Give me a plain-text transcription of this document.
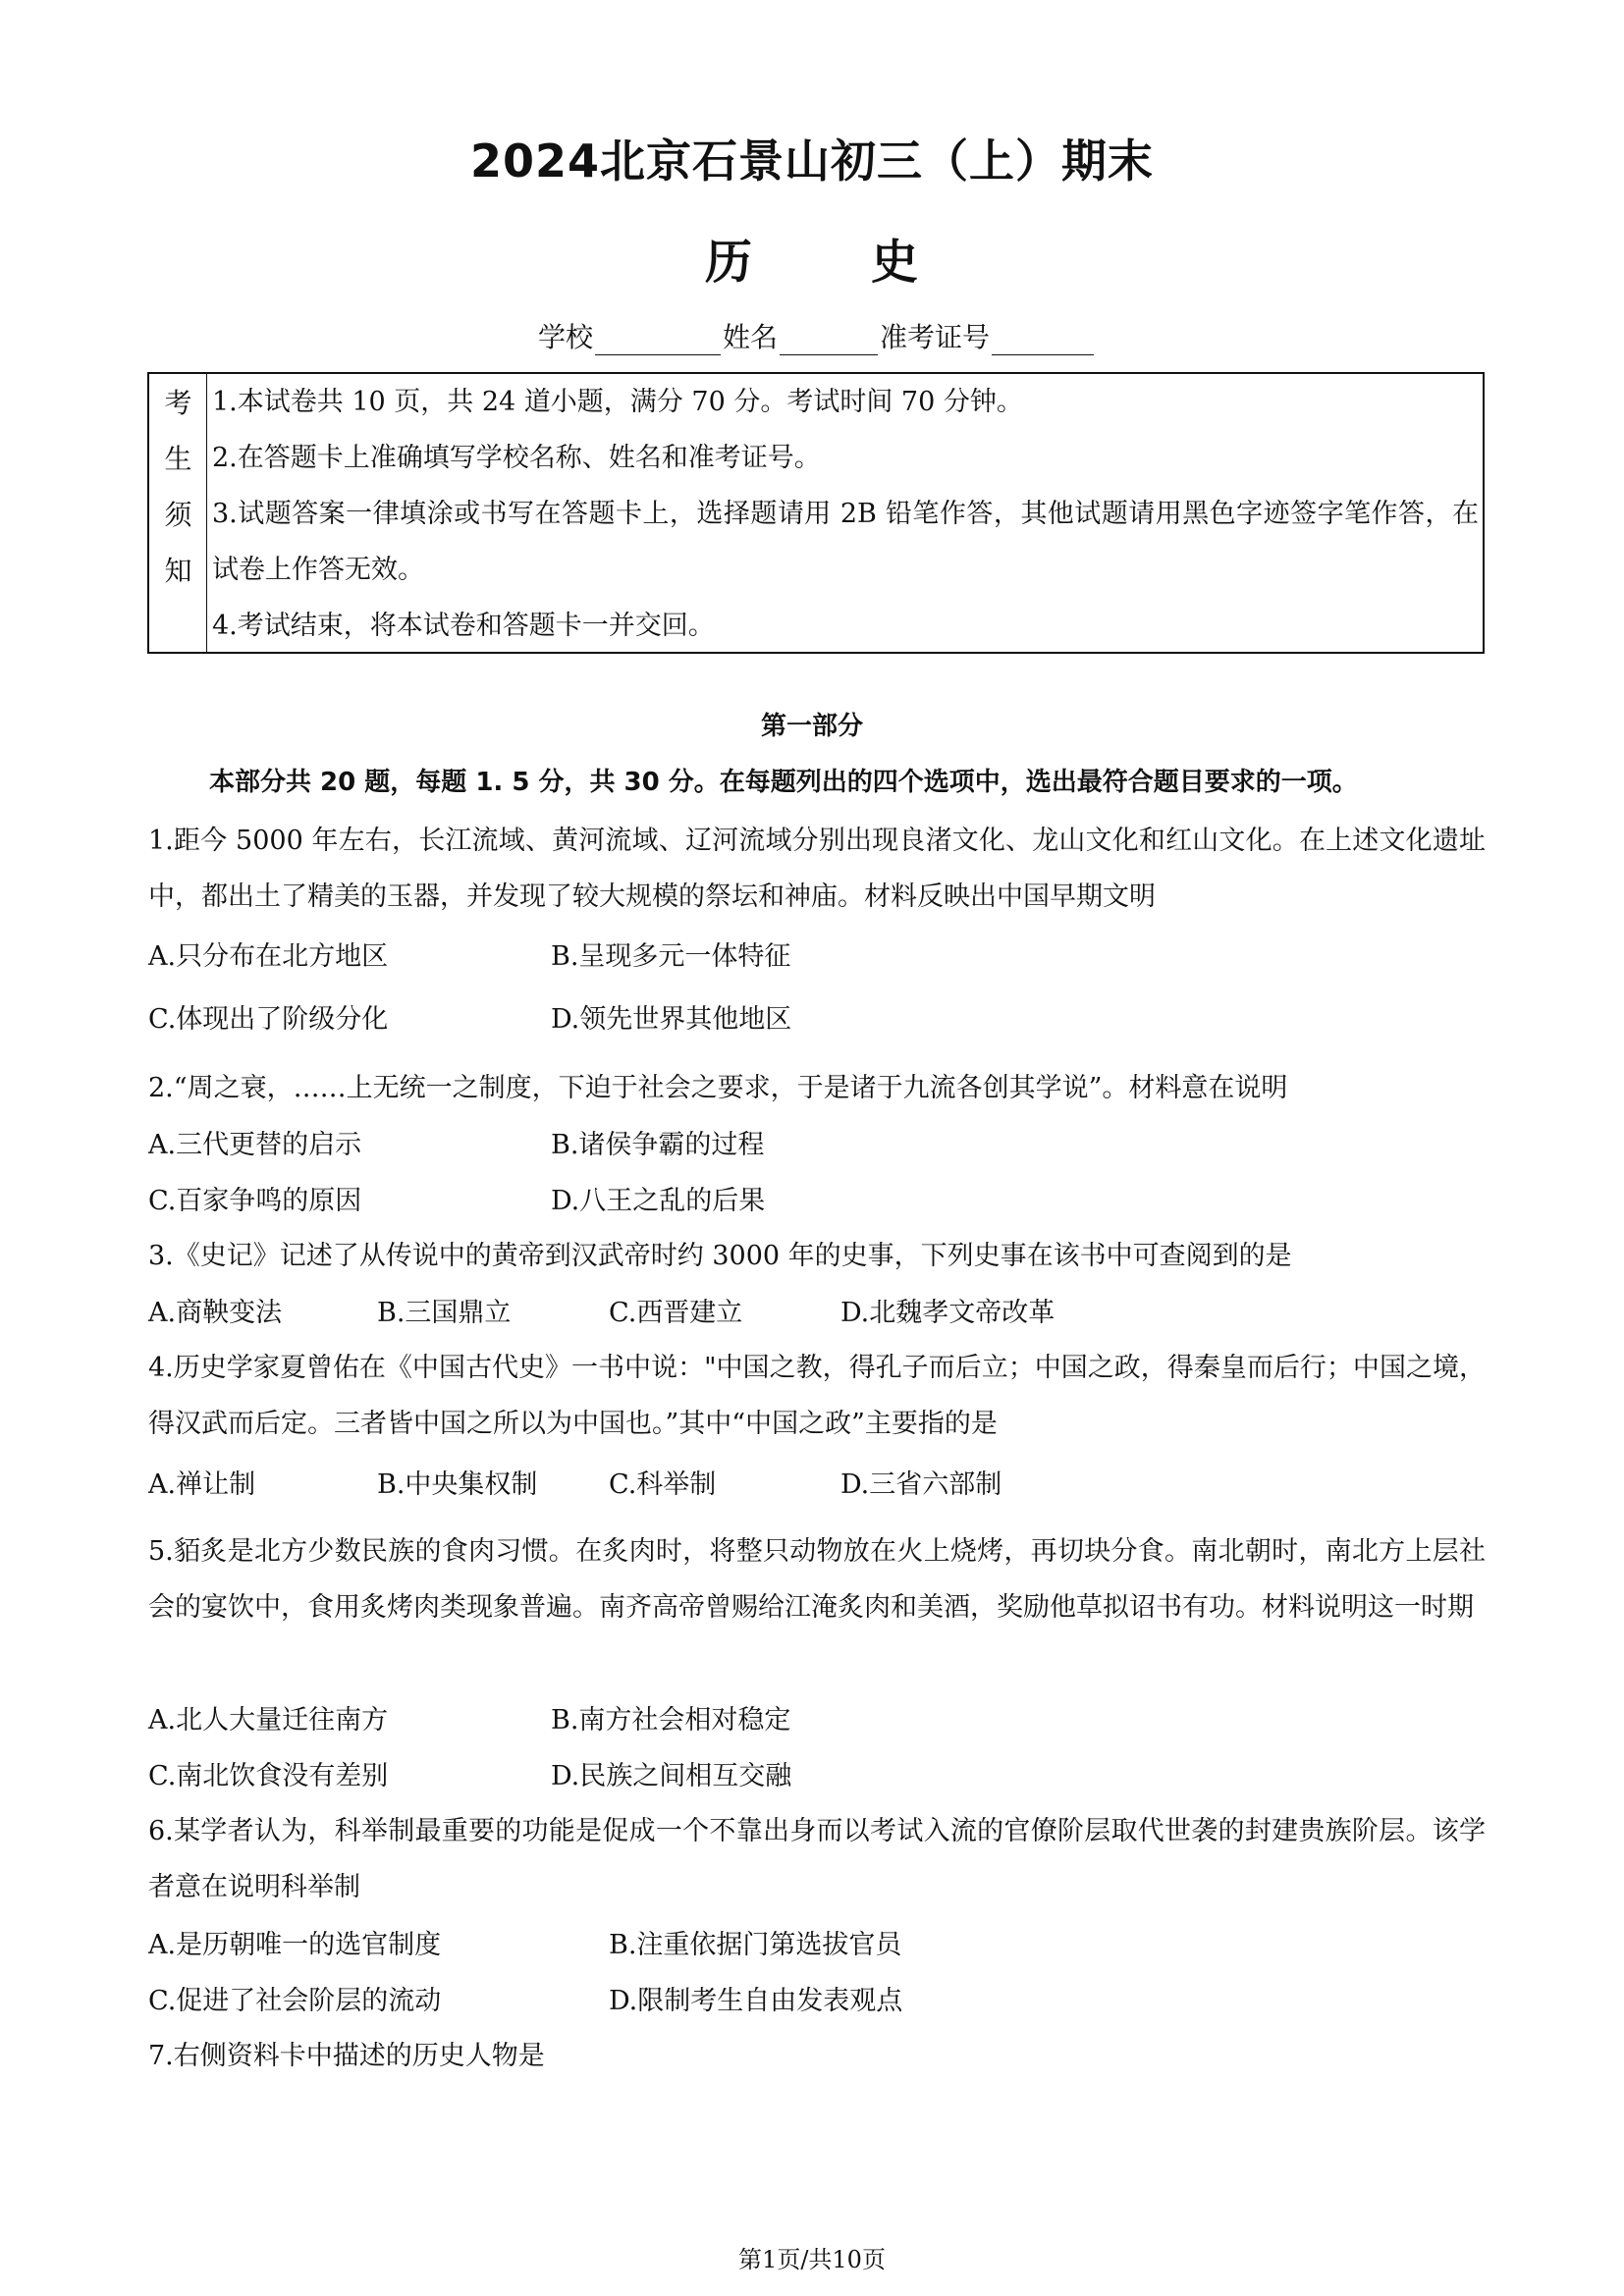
2024北京石景山初三（上）期末
历	史
学校	姓名	准考证号
考
生
须
知
1.本试卷共 10 页，共 24 道小题，满分 70 分。考试时间 70 分钟。
2.在答题卡上准确填写学校名称、姓名和准考证号。
3.试题答案一律填涂或书写在答题卡上，选择题请用 2B 铅笔作答，其他试题请用黑色字迹签字笔作答，在试卷上作答无效。
4.考试结束，将本试卷和答题卡一并交回。
第一部分
本部分共 20 题，每题 1. 5 分，共 30 分。在每题列出的四个选项中，选出最符合题目要求的一项。
1.距今 5000 年左右，长江流域、黄河流域、辽河流域分别出现良渚文化、龙山文化和红山文化。在上述文化遗址中，都出土了精美的玉器，并发现了较大规模的祭坛和神庙。材料反映出中国早期文明
A.只分布在北方地区	B.呈现多元一体特征
C.体现出了阶级分化	D.领先世界其他地区
2.“周之衰，……上无统一之制度，下迫于社会之要求，于是诸于九流各创其学说”。材料意在说明
A.三代更替的启示	B.诸侯争霸的过程
C.百家争鸣的原因	D.八王之乱的后果
3.《史记》记述了从传说中的黄帝到汉武帝时约 3000 年的史事，下列史事在该书中可查阅到的是
A.商鞅变法	B.三国鼎立	C.西晋建立	D.北魏孝文帝改革
4.历史学家夏曾佑在《中国古代史》一书中说："中国之教，得孔子而后立；中国之政，得秦皇而后行；中国之境，得汉武而后定。三者皆中国之所以为中国也。”其中“中国之政”主要指的是
A.禅让制	B.中央集权制	C.科举制	D.三省六部制
5.貊炙是北方少数民族的食肉习惯。在炙肉时，将整只动物放在火上烧烤，再切块分食。南北朝时，南北方上层社会的宴饮中，食用炙烤肉类现象普遍。南齐高帝曾赐给江淹炙肉和美酒，奖励他草拟诏书有功。材料说明这一时期
A.北人大量迁往南方	B.南方社会相对稳定
C.南北饮食没有差别	D.民族之间相互交融
6.某学者认为，科举制最重要的功能是促成一个不靠出身而以考试入流的官僚阶层取代世袭的封建贵族阶层。该学者意在说明科举制
A.是历朝唯一的选官制度	B.注重依据门第选拔官员
C.促进了社会阶层的流动	D.限制考生自由发表观点
7.右侧资料卡中描述的历史人物是
第1页/共10页
